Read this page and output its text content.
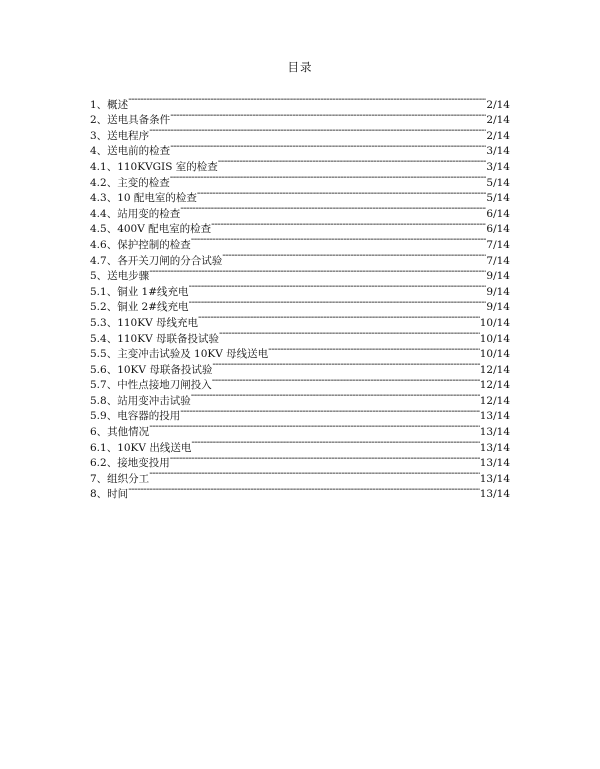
目录
1、概述 -----	2/14
2、送电具备条件 -----	2/14
3、送电程序 -----	2/14
4、送电前的检查 -----	3/14
4.1、110KVGIS 室的检查 -----	3/14
4.2、主变的检查 -----	5/14
4.3、10 配电室的检查 -----	5/14
4.4、站用变的检查 -----	6/14
4.5、400V 配电室的检查 -----	6/14
4.6、保护控制的检查 -----	7/14
4.7、各开关刀闸的分合试验 -----	7/14
5、送电步骤 -----	9/14
5.1、铜业 1#线充电 -----	9/14
5.2、铜业 2#线充电 -----	9/14
5.3、110KV 母线充电 -----	10/14
5.4、110KV 母联备投试验 -----	10/14
5.5、主变冲击试验及 10KV 母线送电 -----	10/14
5.6、10KV 母联备投试验 -----	12/14
5.7、中性点接地刀闸投入 -----	12/14
5.8、站用变冲击试验 -----	12/14
5.9、电容器的投用 -----	13/14
6、其他情况 -----	13/14
6.1、10KV 出线送电 -----	13/14
6.2、接地变投用 -----	13/14
7、组织分工 -----	13/14
8、时间 -----	13/14
